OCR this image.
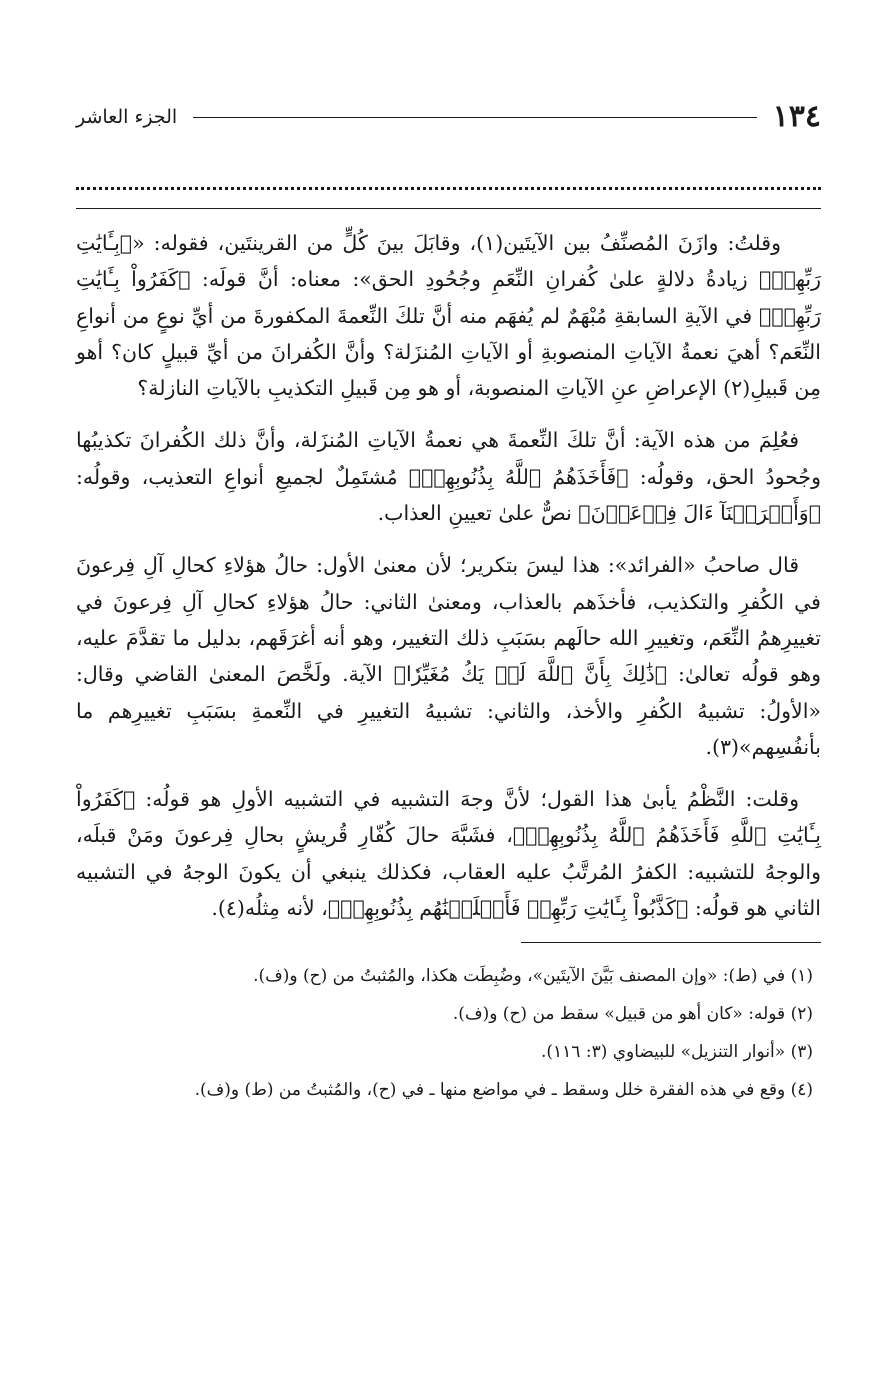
١٣٤
الجزء العاشر

وقلتُ: وازَنَ المُصنِّفُ بين الآيتَين(١)، وقابَلَ بينَ كُلٍّ من القرينتَين، فقوله: «﴿بِـَٔايَٰتِ رَبِّهِمۡ﴾ زيادةُ دلالةٍ علىٰ كُفرانِ النِّعَمِ وجُحُودِ الحق»: معناه: أنَّ قولَه: ﴿كَفَرُواْ بِـَٔايَٰتِ رَبِّهِمۡ﴾ في الآيةِ السابقةِ مُبْهَمٌ لم يُفهَم منه أنَّ تلكَ النِّعمةَ المكفورةَ من أيِّ نوعٍ من أنواعِ النِّعَم؟ أهيَ نعمةُ الآياتِ المنصوبةِ أو الآياتِ المُنزَلة؟ وأنَّ الكُفرانَ من أيِّ قبيلٍ كان؟ أهو مِن قَبيلِ(٢) الإعراضِ عنِ الآياتِ المنصوبة، أو هو مِن قَبيلِ التكذيبِ بالآياتِ النازلة؟

فعُلِمَ من هذه الآية: أنَّ تلكَ النِّعمةَ هي نعمةُ الآياتِ المُنزَلة، وأنَّ ذلك الكُفرانَ تكذيبُها وجُحودُ الحق، وقولُه: ﴿فَأَخَذَهُمُ ٱللَّهُ بِذُنُوبِهِمۡ﴾ مُشتَمِلٌ لجميعِ أنواعِ التعذيب، وقولُه: ﴿وَأَغۡرَقۡنَآ ءَالَ فِرۡعَوۡنَ﴾ نصٌّ علىٰ تعيينِ العذاب.

قال صاحبُ «الفرائد»: هذا ليسَ بتكرير؛ لأن معنىٰ الأول: حالُ هؤلاءِ كحالِ آلِ فِرعونَ في الكُفرِ والتكذيب، فأخذَهم بالعذاب، ومعنىٰ الثاني: حالُ هؤلاءِ كحالِ آلِ فِرعونَ في تغييرِهمُ النِّعَم، وتغييرِ الله حالَهم بسَبَبِ ذلك التغيير، وهو أنه أغرَقَهم، بدليل ما تقدَّمَ عليه، وهو قولُه تعالىٰ: ﴿ذَٰلِكَ بِأَنَّ ٱللَّهَ لَمۡ يَكُ مُغَيِّرٗا﴾ الآية. ولَخَّصَ المعنىٰ القاضي وقال: «الأولُ: تشبيهُ الكُفرِ والأخذ، والثاني: تشبيهُ التغييرِ في النِّعمةِ بسَبَبِ تغييرِهم ما بأنفُسِهم»(٣).

وقلت: النَّظْمُ يأبىٰ هذا القول؛ لأنَّ وجهَ التشبيه في التشبيه الأولِ هو قولُه: ﴿كَفَرُواْ بِـَٔايَٰتِ ٱللَّهِ فَأَخَذَهُمُ ٱللَّهُ بِذُنُوبِهِمۡ﴾، فشَبَّهَ حالَ كُفّارِ قُريشٍ بحالِ فِرعونَ ومَنْ قبلَه، والوجهُ للتشبيه: الكفرُ المُرتَّبُ عليه العقاب، فكذلك ينبغي أن يكونَ الوجهُ في التشبيه الثاني هو قولُه: ﴿كَذَّبُواْ بِـَٔايَٰتِ رَبِّهِمۡ فَأَهۡلَكۡنَٰهُم بِذُنُوبِهِمۡ﴾، لأنه مِثلُه(٤).

(١) في (ط): «وإن المصنف بَيَّنَ الآيتَين»، وضُبِطَت هكذا، والمُثبتُ من (ح) و(ف).

(٢) قوله: «كان أهو من قبيل» سقط من (ح) و(ف).

(٣) «أنوار التنزيل» للبيضاوي (٣: ١١٦).

(٤) وقع في هذه الفقرة خلل وسقط ـ في مواضع منها ـ في (ح)، والمُثبتُ من (ط) و(ف).
